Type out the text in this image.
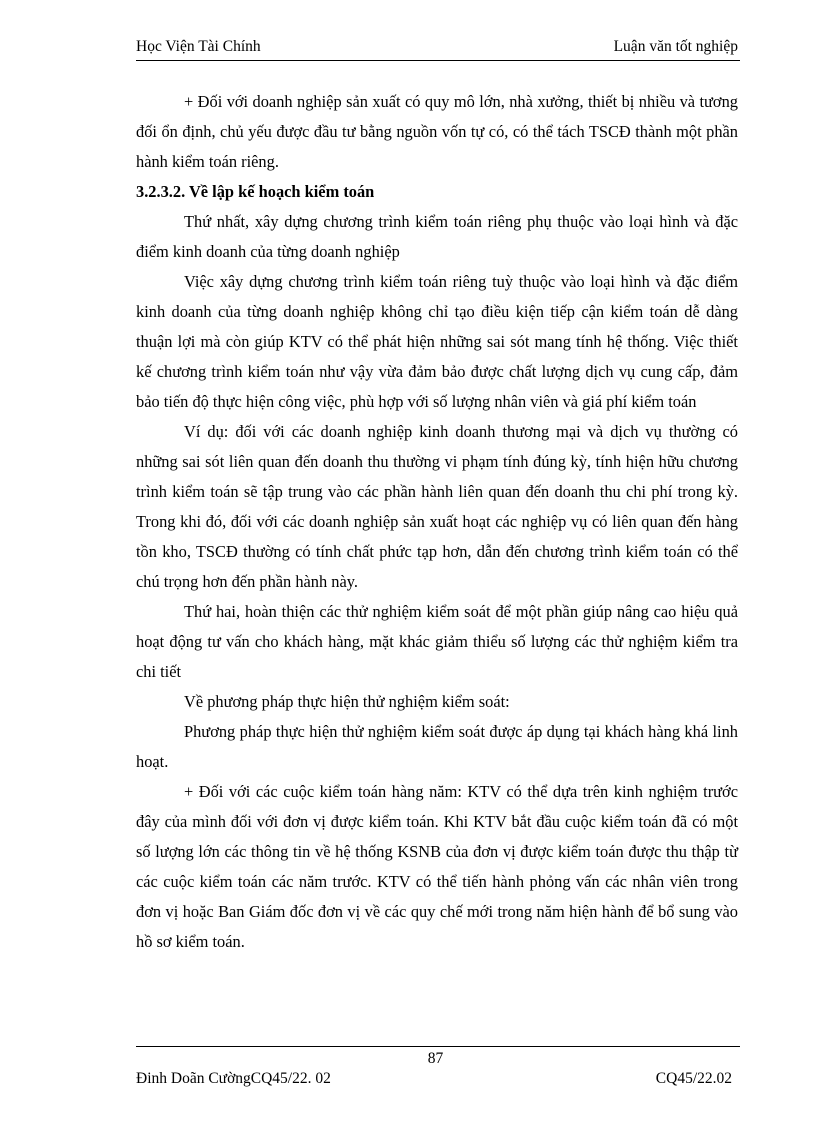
Học Viện Tài Chính	Luận văn tốt nghiệp

+ Đối với doanh nghiệp sản xuất có quy mô lớn, nhà xưởng, thiết bị nhiều và tương đối ổn định, chủ yếu được đầu tư bằng nguồn vốn tự có, có thể tách TSCĐ thành một phần hành kiểm toán riêng.

3.2.3.2. Về lập kế hoạch kiểm toán

Thứ nhất, xây dựng chương trình kiểm toán riêng phụ thuộc vào loại hình và đặc điểm kinh doanh của từng doanh nghiệp

Việc xây dựng chương trình kiểm toán riêng tuỳ thuộc vào loại hình và đặc điểm kinh doanh của từng doanh nghiệp không chỉ tạo điều kiện tiếp cận kiểm toán dễ dàng thuận lợi mà còn giúp KTV có thể phát hiện những sai sót mang tính hệ thống. Việc thiết kế chương trình kiểm toán như vậy vừa đảm bảo được chất lượng dịch vụ cung cấp, đảm bảo tiến độ thực hiện công việc, phù hợp với số lượng nhân viên và giá phí kiểm toán

Ví dụ: đối với các doanh nghiệp kinh doanh thương mại và dịch vụ thường có những sai sót liên quan đến doanh thu thường vi phạm tính đúng kỳ, tính hiện hữu chương trình kiểm toán sẽ tập trung vào các phần hành liên quan đến doanh thu chi phí trong kỳ. Trong khi đó, đối với các doanh nghiệp sản xuất hoạt các nghiệp vụ có liên quan đến hàng tồn kho, TSCĐ thường có tính chất phức tạp hơn, dẫn đến chương trình kiểm toán có thể chú trọng hơn đến phần hành này.

Thứ hai, hoàn thiện các thử nghiệm kiểm soát để một phần giúp nâng cao hiệu quả hoạt động tư vấn cho khách hàng, mặt khác giảm thiểu số lượng các thử nghiệm kiểm tra chi tiết

Về phương pháp thực hiện thử nghiệm kiểm soát:

Phương pháp thực hiện thử nghiệm kiểm soát được áp dụng tại khách hàng khá linh hoạt.

+ Đối với các cuộc kiểm toán hàng năm: KTV có thể dựa trên kinh nghiệm trước đây của mình đối với đơn vị được kiểm toán. Khi KTV bắt đầu cuộc kiểm toán đã có một số lượng lớn các thông tin về hệ thống KSNB của đơn vị được kiểm toán được thu thập từ các cuộc kiểm toán các năm trước. KTV có thể tiến hành phỏng vấn các nhân viên trong đơn vị hoặc Ban Giám đốc đơn vị về các quy chế mới trong năm hiện hành để bổ sung vào hồ sơ kiểm toán.

87
Đinh Doãn CườngCQ45/22. 02	CQ45/22.02
